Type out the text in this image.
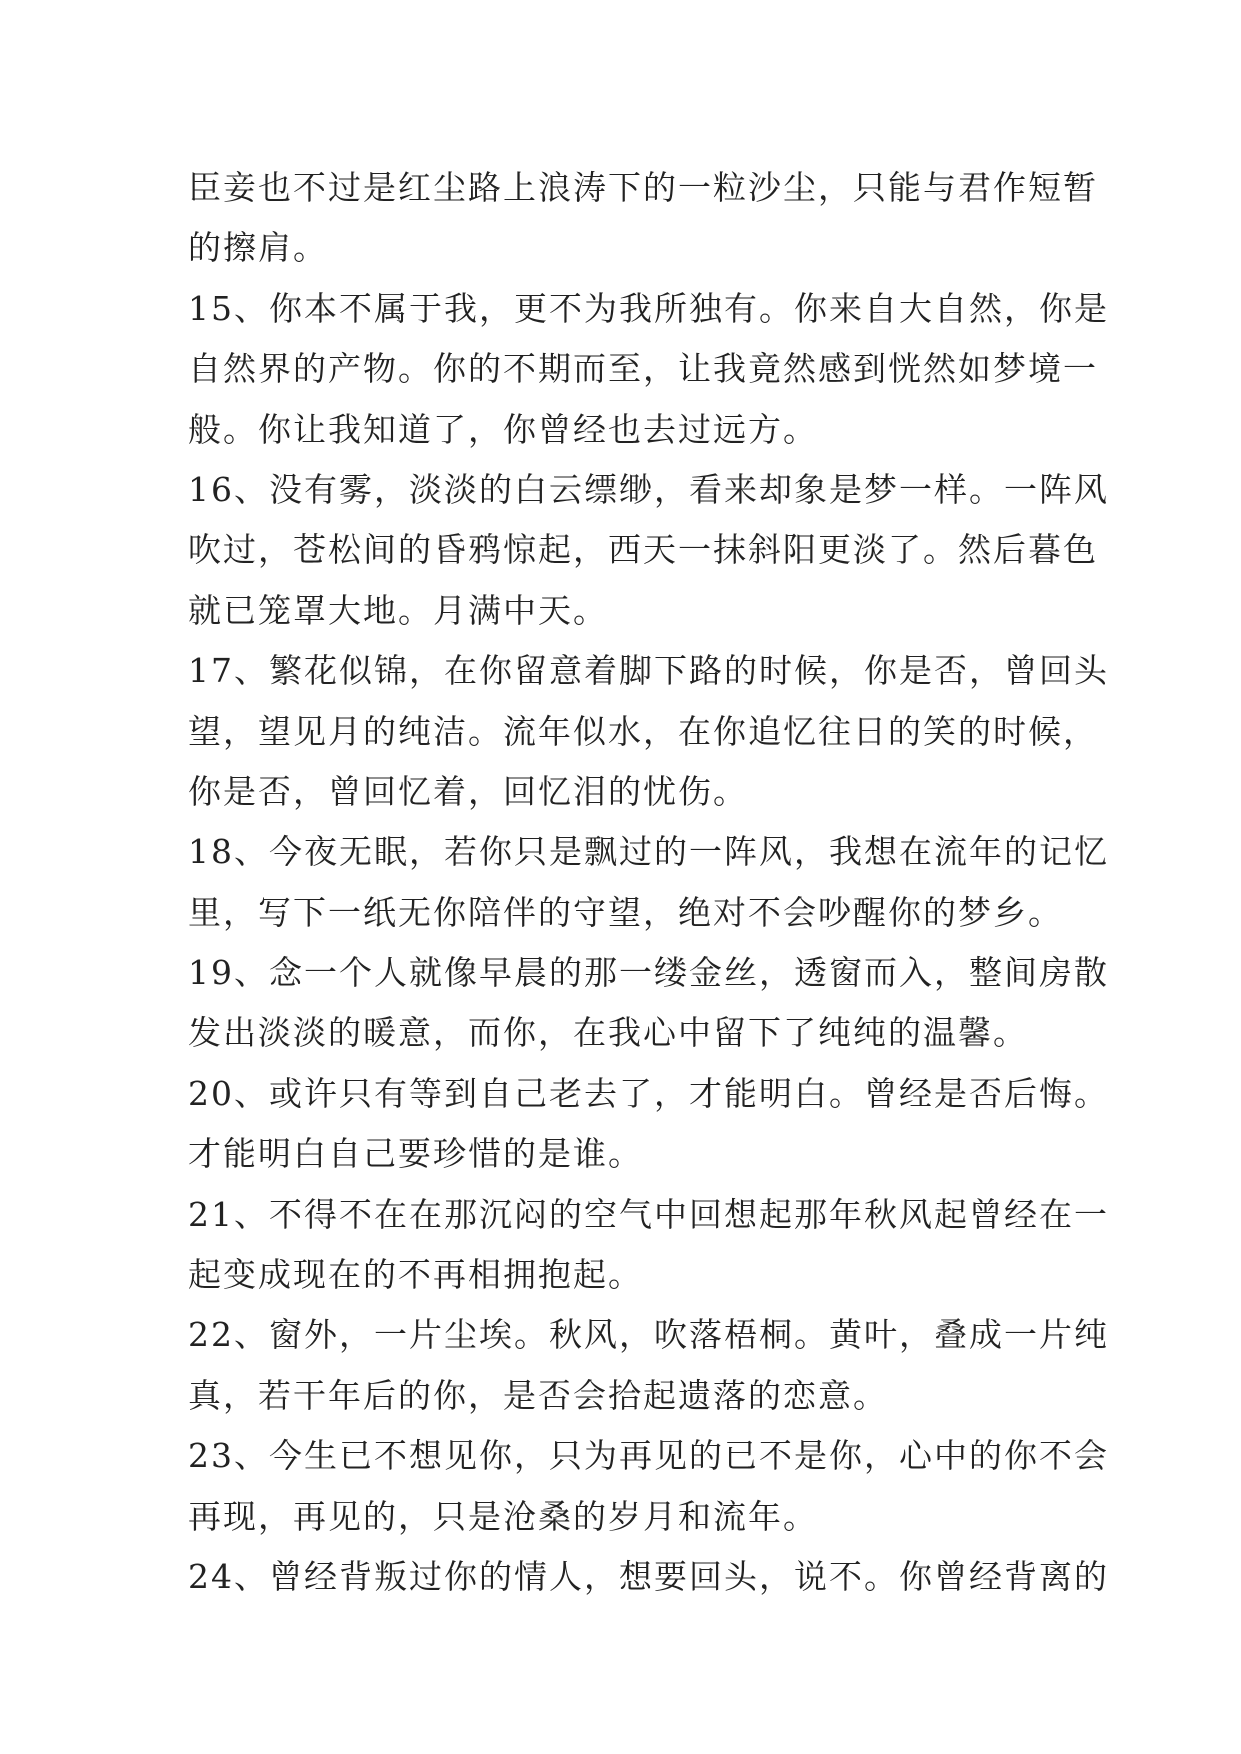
臣妾也不过是红尘路上浪涛下的一粒沙尘，只能与君作短暂
的擦肩。
15、你本不属于我，更不为我所独有。你来自大自然，你是
自然界的产物。你的不期而至，让我竟然感到恍然如梦境一
般。你让我知道了，你曾经也去过远方。
16、没有雾，淡淡的白云缥缈，看来却象是梦一样。一阵风
吹过，苍松间的昏鸦惊起，西天一抹斜阳更淡了。然后暮色
就已笼罩大地。月满中天。
17、繁花似锦，在你留意着脚下路的时候，你是否，曾回头
望，望见月的纯洁。流年似水，在你追忆往日的笑的时候，
你是否，曾回忆着，回忆泪的忧伤。
18、今夜无眠，若你只是飘过的一阵风，我想在流年的记忆
里，写下一纸无你陪伴的守望，绝对不会吵醒你的梦乡。
19、念一个人就像早晨的那一缕金丝，透窗而入，整间房散
发出淡淡的暖意，而你，在我心中留下了纯纯的温馨。
20、或许只有等到自己老去了，才能明白。曾经是否后悔。
才能明白自己要珍惜的是谁。
21、不得不在在那沉闷的空气中回想起那年秋风起曾经在一
起变成现在的不再相拥抱起。
22、窗外，一片尘埃。秋风，吹落梧桐。黄叶，叠成一片纯
真，若干年后的你，是否会拾起遗落的恋意。
23、今生已不想见你，只为再见的已不是你，心中的你不会
再现，再见的，只是沧桑的岁月和流年。
24、曾经背叛过你的情人，想要回头，说不。你曾经背离的
